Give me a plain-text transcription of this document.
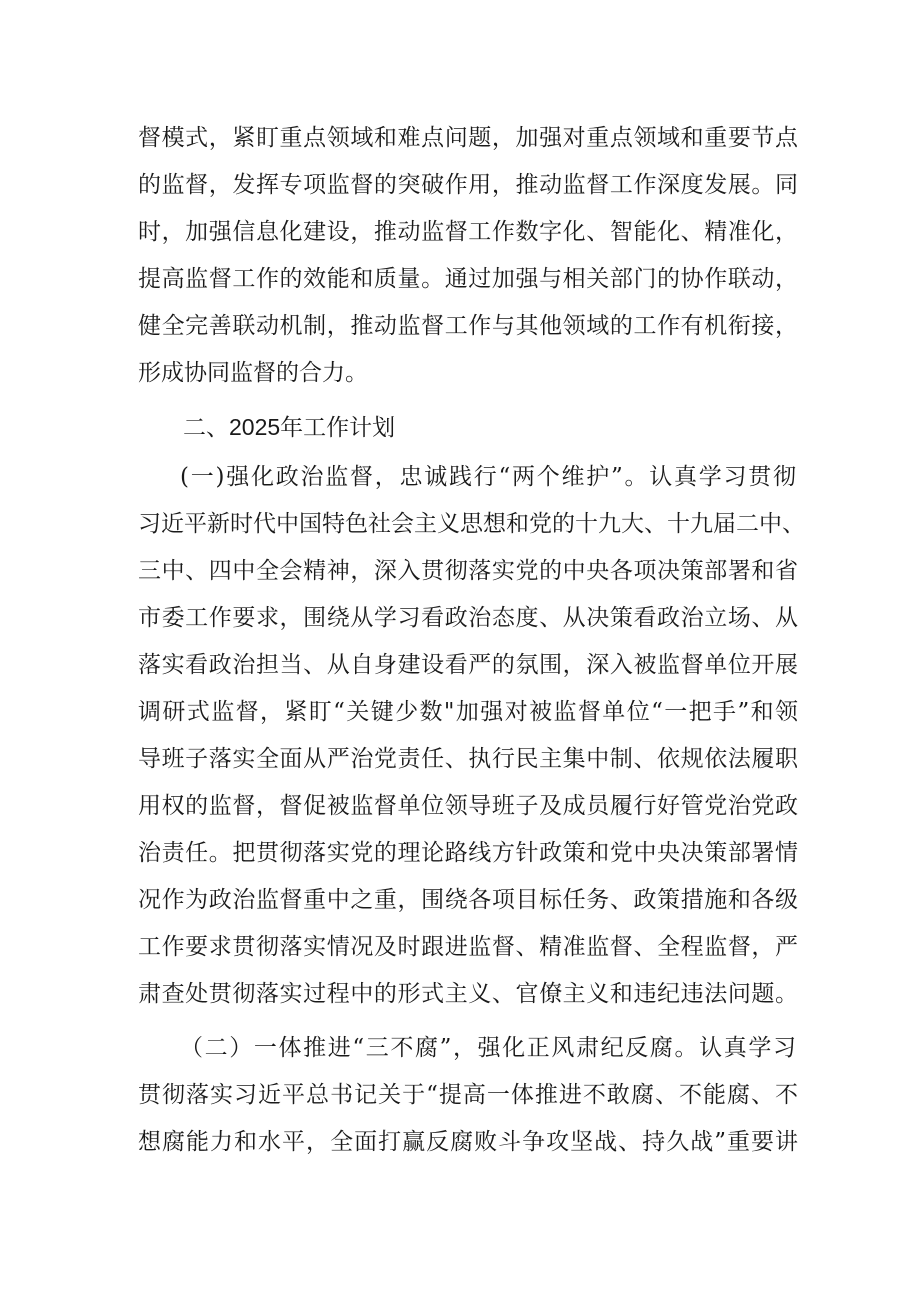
督模式，紧盯重点领域和难点问题，加强对重点领域和重要节点
的监督，发挥专项监督的突破作用，推动监督工作深度发展。同
时，加强信息化建设，推动监督工作数字化、智能化、精准化，
提高监督工作的效能和质量。通过加强与相关部门的协作联动，
健全完善联动机制，推动监督工作与其他领域的工作有机衔接，
形成协同监督的合力。
二、2025年工作计划
(一)强化政治监督，忠诚践行“两个维护”。认真学习贯彻
习近平新时代中国特色社会主义思想和党的十九大、十九届二中、
三中、四中全会精神，深入贯彻落实党的中央各项决策部署和省
市委工作要求，围绕从学习看政治态度、从决策看政治立场、从
落实看政治担当、从自身建设看严的氛围，深入被监督单位开展
调研式监督，紧盯“关键少数"加强对被监督单位“一把手”和领
导班子落实全面从严治党责任、执行民主集中制、依规依法履职
用权的监督，督促被监督单位领导班子及成员履行好管党治党政
治责任。把贯彻落实党的理论路线方针政策和党中央决策部署情
况作为政治监督重中之重，围绕各项目标任务、政策措施和各级
工作要求贯彻落实情况及时跟进监督、精准监督、全程监督，严
肃查处贯彻落实过程中的形式主义、官僚主义和违纪违法问题。
（二）一体推进“三不腐”，强化正风肃纪反腐。认真学习
贯彻落实习近平总书记关于“提高一体推进不敢腐、不能腐、不
想腐能力和水平，全面打赢反腐败斗争攻坚战、持久战”重要讲
